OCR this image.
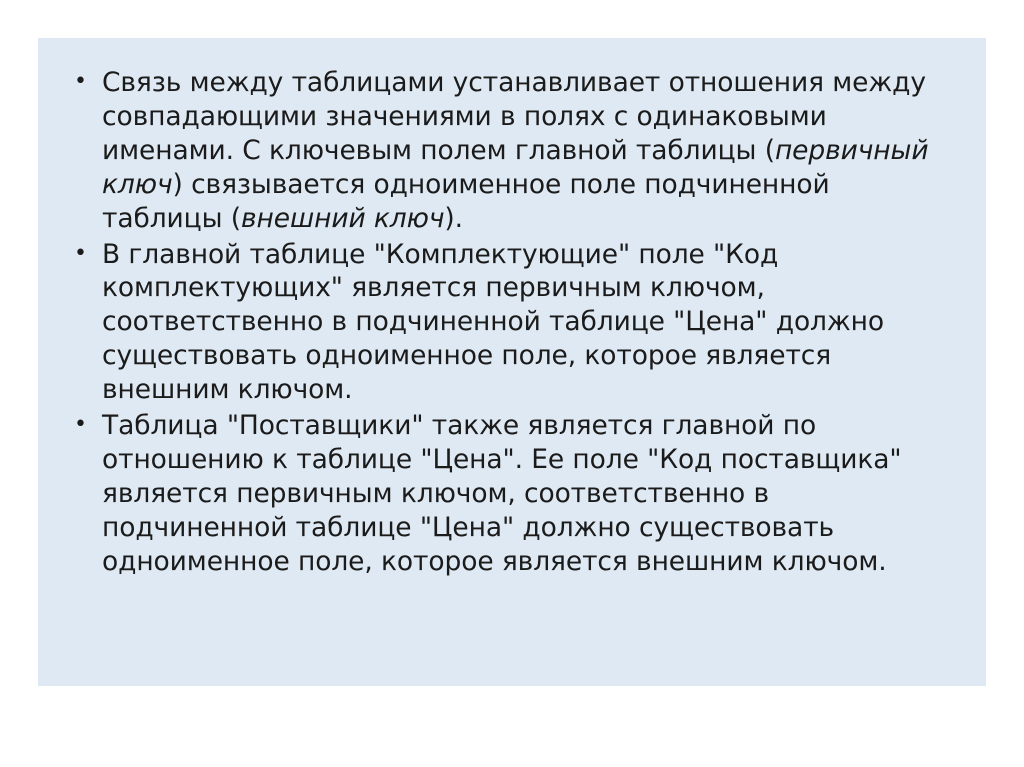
• Связь между таблицами устанавливает отношения между совпадающими значениями в полях с одинаковыми именами. С ключевым полем главной таблицы (первичный ключ) связывается одноименное поле подчиненной таблицы (внешний ключ).
• В главной таблице "Комплектующие" поле "Код комплектующих" является первичным ключом, соответственно в подчиненной таблице "Цена" должно существовать одноименное поле, которое является внешним ключом.
• Таблица "Поставщики" также является главной по отношению к таблице "Цена". Ее поле "Код поставщика" является первичным ключом, соответственно в подчиненной таблице "Цена" должно существовать одноименное поле, которое является внешним ключом.
